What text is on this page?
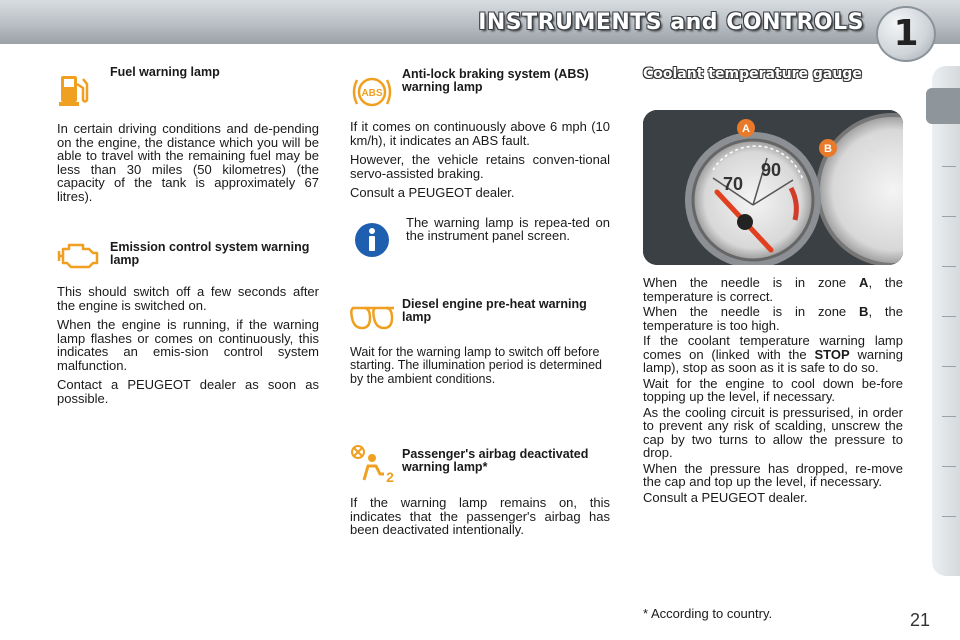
INSTRUMENTS and CONTROLS 1
Fuel warning lamp

In certain driving conditions and de-pending on the engine, the distance which you will be able to travel with the remaining fuel may be less than 30 miles (50 kilometres) (the capacity of the tank is approximately 67 litres).

Emission control system warning lamp

This should switch off a few seconds after the engine is switched on.

When the engine is running, if the warning lamp flashes or comes on continuously, this indicates an emis-sion control system malfunction.

Contact a PEUGEOT dealer as soon as possible.

ABS
Anti-lock braking system (ABS) warning lamp

If it comes on continuously above 6 mph (10 km/h), it indicates an ABS fault.

However, the vehicle retains conven-tional servo-assisted braking.

Consult a PEUGEOT dealer.

The warning lamp is repea-ted on the instrument panel screen.

Diesel engine pre-heat warning lamp

Wait for the warning lamp to switch off before starting. The illumination period is determined by the ambient conditions.

2
Passenger's airbag deactivated warning lamp*

If the warning lamp remains on, this indicates that the passenger's airbag has been deactivated intentionally.

Coolant temperature gauge
70
90
1
A
B

When the needle is in zone A, the temperature is correct.

When the needle is in zone B, the temperature is too high.

If the coolant temperature warning lamp comes on (linked with the STOP warning lamp), stop as soon as it is safe to do so.

Wait for the engine to cool down be-fore topping up the level, if necessary.

As the cooling circuit is pressurised, in order to prevent any risk of scalding, unscrew the cap by two turns to allow the pressure to drop.

When the pressure has dropped, re-move the cap and top up the level, if necessary.

Consult a PEUGEOT dealer.

* According to country.	21
